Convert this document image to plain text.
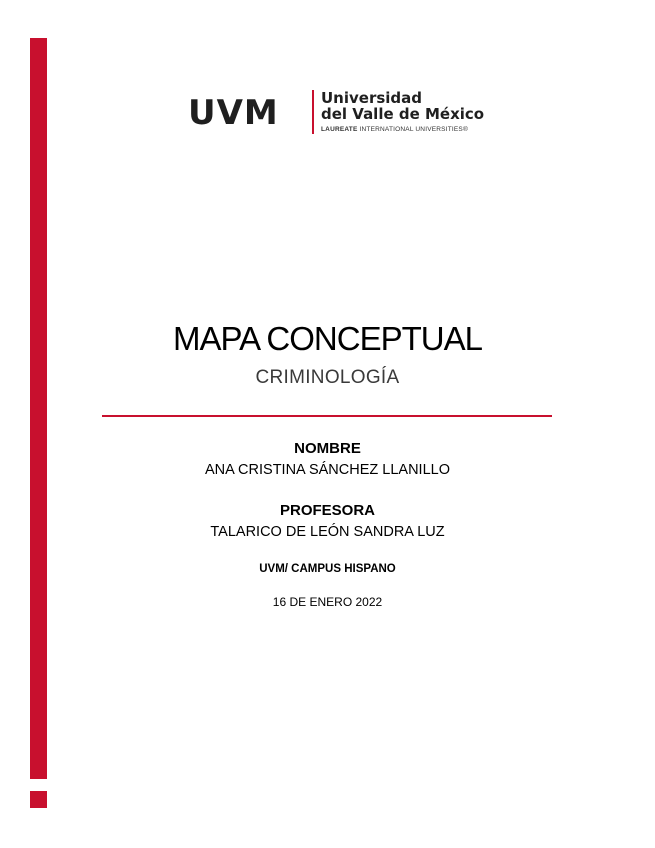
UVM	Universidad
del Valle de México
LAUREATE INTERNATIONAL UNIVERSITIES®
MAPA CONCEPTUAL
CRIMINOLOGÍA
NOMBRE
ANA CRISTINA SÁNCHEZ LLANILLO
PROFESORA
TALARICO DE LEÓN SANDRA LUZ
UVM/ CAMPUS HISPANO
16 DE ENERO 2022
